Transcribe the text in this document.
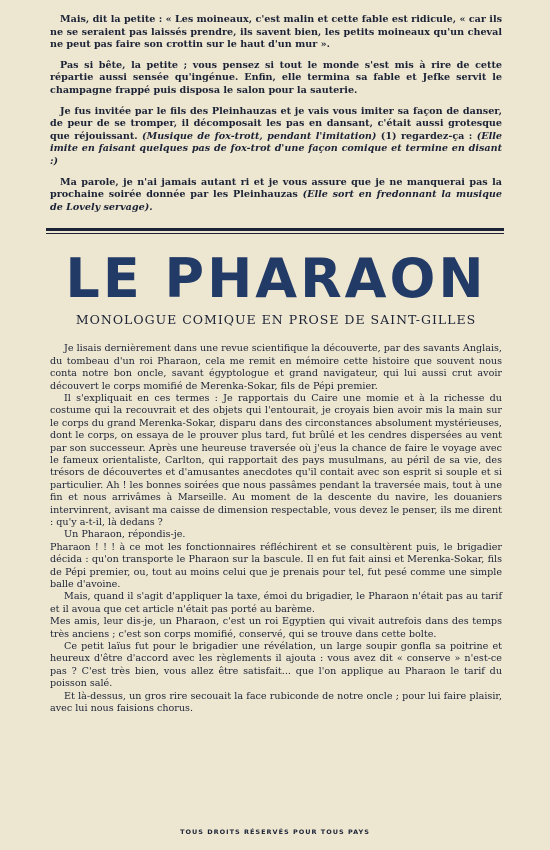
Mais, dit la petite : « Les moineaux, c'est malin et cette fable est ridicule, « car ils ne se seraient pas laissés prendre, ils savent bien, les petits moineaux qu'un cheval ne peut pas faire son crottin sur le haut d'un mur ».

Pas si bête, la petite ; vous pensez si tout le monde s'est mis à rire de cette répartie aussi sensée qu'ingénue. Enfin, elle termina sa fable et Jefke servit le champagne frappé puis disposa le salon pour la sauterie.

Je fus invitée par le fils des Pleinhauzas et je vais vous imiter sa façon de danser, de peur de se tromper, il décomposait les pas en dansant, c'était aussi grotesque que réjouissant. (Musique de fox-trott, pendant l'imitation) (1) regardez-ça : (Elle imite en faisant quelques pas de fox-trot d'une façon comique et termine en disant :)

Ma parole, je n'ai jamais autant ri et je vous assure que je ne manquerai pas la prochaine soirée donnée par les Pleinhauzas (Elle sort en fredonnant la musique de Lovely servage).

LE PHARAON
MONOLOGUE COMIQUE EN PROSE DE SAINT-GILLES

Je lisais dernièrement dans une revue scientifique la découverte, par des savants Anglais, du tombeau d'un roi Pharaon, cela me remit en mémoire cette histoire que souvent nous conta notre bon oncle, savant égyptologue et grand navigateur, qui lui aussi crut avoir découvert le corps momifié de Merenka-Sokar, fils de Pépi premier.

Il s'expliquait en ces termes : Je rapportais du Caire une momie et à la richesse du costume qui la recouvrait et des objets qui l'entourait, je croyais bien avoir mis la main sur le corps du grand Merenka-Sokar, disparu dans des circonstances absolument mystérieuses, dont le corps, on essaya de le prouver plus tard, fut brûlé et les cendres dispersées au vent par son successeur. Après une heureuse traversée où j'eus la chance de faire le voyage avec le fameux orientaliste, Carlton, qui rapportait des pays musulmans, au péril de sa vie, des trésors de découvertes et d'amusantes anecdotes qu'il contait avec son esprit si souple et si particulier. Ah ! les bonnes soirées que nous passâmes pendant la traversée mais, tout à une fin et nous arrivâmes à Marseille. Au moment de la descente du navire, les douaniers intervinrent, avisant ma caisse de dimension respectable, vous devez le penser, ils me dirent : qu'y a-t-il, là dedans ?

Un Pharaon, répondis-je.

Pharaon ! ! ! à ce mot les fonctionnaires réfléchirent et se consultèrent puis, le brigadier décida : qu'on transporte le Pharaon sur la bascule. Il en fut fait ainsi et Merenka-Sokar, fils de Pépi premier, ou, tout au moins celui que je prenais pour tel, fut pesé comme une simple balle d'avoine.

Mais, quand il s'agit d'appliquer la taxe, émoi du brigadier, le Pharaon n'était pas au tarif et il avoua que cet article n'était pas porté au barème.

Mes amis, leur dis-je, un Pharaon, c'est un roi Egyptien qui vivait autrefois dans des temps très anciens ; c'est son corps momifié, conservé, qui se trouve dans cette bolte.

Ce petit laïus fut pour le brigadier une révélation, un large soupir gonfla sa poitrine et heureux d'être d'accord avec les règlements il ajouta : vous avez dit « conserve » n'est-ce pas ? C'est très bien, vous allez être satisfait... que l'on applique au Pharaon le tarif du poisson salé.

Et là-dessus, un gros rire secouait la face rubiconde de notre oncle ; pour lui faire plaisir, avec lui nous faisions chorus.

TOUS DROITS RÉSERVÉS POUR TOUS PAYS
